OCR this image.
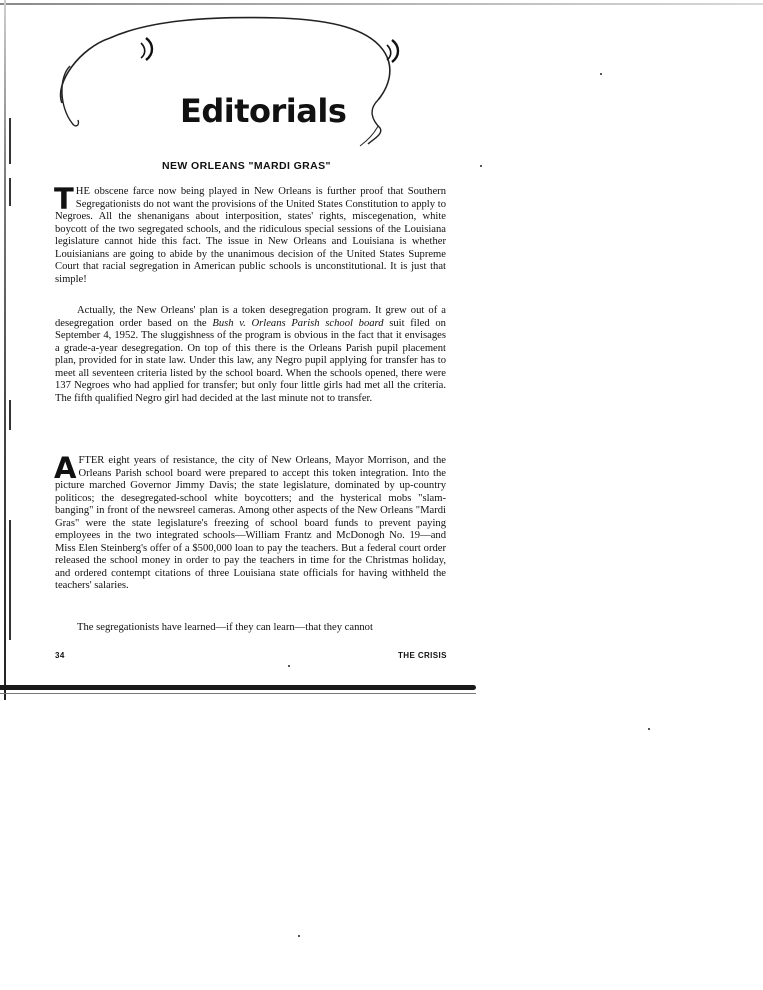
Editorials
NEW ORLEANS "MARDI GRAS"

THE obscene farce now being played in New Orleans is further proof that Southern Segregationists do not want the provisions of the United States Constitution to apply to Negroes. All the shenanigans about interposition, states' rights, miscegenation, white boycott of the two segregated schools, and the ridiculous special sessions of the Louisiana legislature cannot hide this fact. The issue in New Orleans and Louisiana is whether Louisianians are going to abide by the unanimous decision of the United States Supreme Court that racial segregation in American public schools is unconstitutional. It is just that simple!

Actually, the New Orleans' plan is a token desegregation program. It grew out of a desegregation order based on the Bush v. Orleans Parish school board suit filed on September 4, 1952. The sluggishness of the program is obvious in the fact that it envisages a grade-a-year desegregation. On top of this there is the Orleans Parish pupil placement plan, provided for in state law. Under this law, any Negro pupil applying for transfer has to meet all seventeen criteria listed by the school board. When the schools opened, there were 137 Negroes who had applied for transfer; but only four little girls had met all the criteria. The fifth qualified Negro girl had decided at the last minute not to transfer.

AFTER eight years of resistance, the city of New Orleans, Mayor Morrison, and the Orleans Parish school board were prepared to accept this token integration. Into the picture marched Governor Jimmy Davis; the state legislature, dominated by up-country politicos; the desegregated-school white boycotters; and the hysterical mobs "slam-banging" in front of the newsreel cameras. Among other aspects of the New Orleans "Mardi Gras" were the state legislature's freezing of school board funds to prevent paying employees in the two integrated schools—William Frantz and McDonogh No. 19—and Miss Elen Steinberg's offer of a $500,000 loan to pay the teachers. But a federal court order released the school money in order to pay the teachers in time for the Christmas holiday, and ordered contempt citations of three Louisiana state officials for having withheld the teachers' salaries.

The segregationists have learned—if they can learn—that they cannot

34	THE CRISIS
